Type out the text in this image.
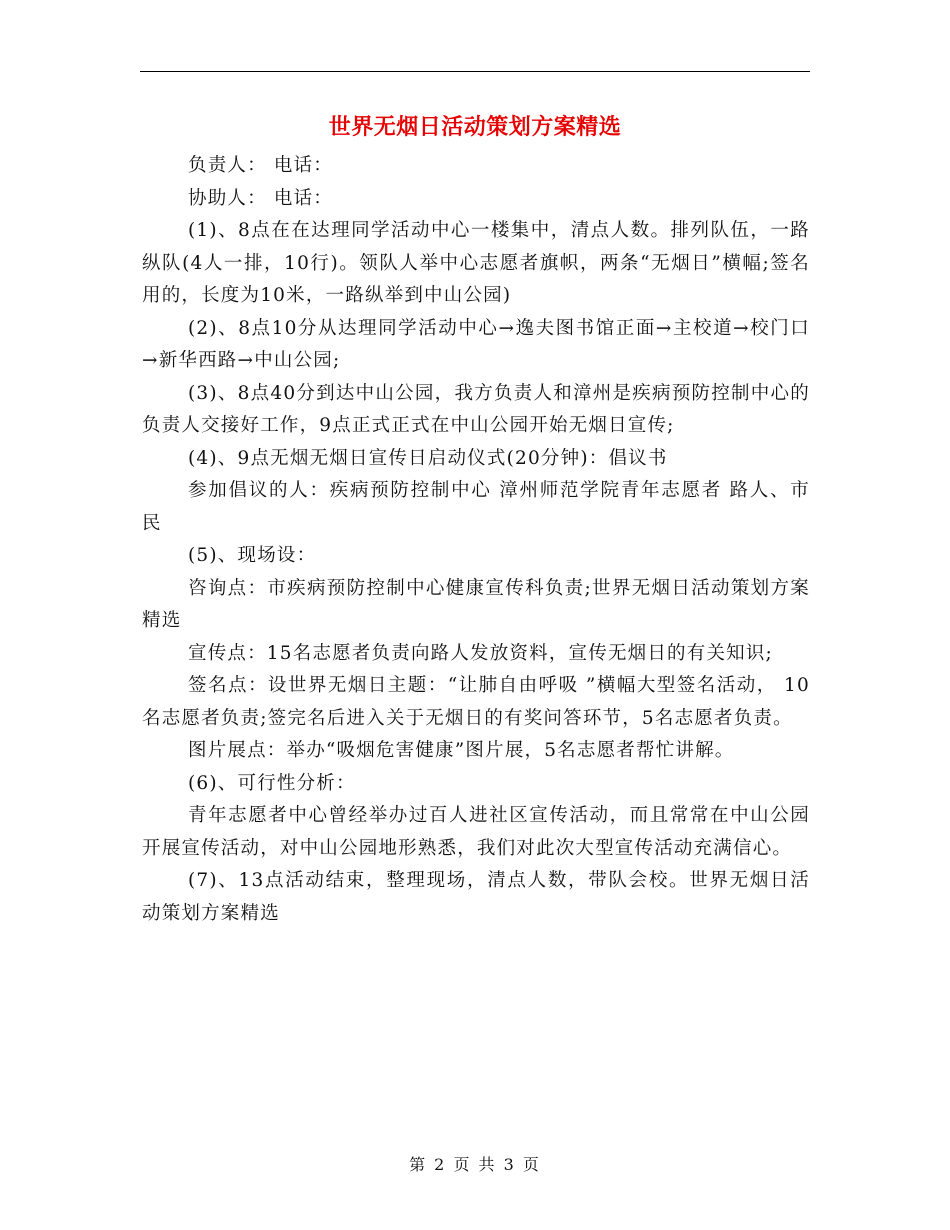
世界无烟日活动策划方案精选

负责人： 电话：

协助人： 电话：

(1)、8点在在达理同学活动中心一楼集中，清点人数。排列队伍，一路纵队(4人一排，10行)。领队人举中心志愿者旗帜，两条“无烟日”横幅;签名用的，长度为10米，一路纵举到中山公园)

(2)、8点10分从达理同学活动中心→逸夫图书馆正面→主校道→校门口→新华西路→中山公园;

(3)、8点40分到达中山公园，我方负责人和漳州是疾病预防控制中心的负责人交接好工作，9点正式正式在中山公园开始无烟日宣传;

(4)、9点无烟无烟日宣传日启动仪式(20分钟)：倡议书

参加倡议的人：疾病预防控制中心 漳州师范学院青年志愿者 路人、市民

(5)、现场设：

咨询点：市疾病预防控制中心健康宣传科负责;世界无烟日活动策划方案精选

宣传点：15名志愿者负责向路人发放资料，宣传无烟日的有关知识;

签名点：设世界无烟日主题：“让肺自由呼吸 ”横幅大型签名活动， 10名志愿者负责;签完名后进入关于无烟日的有奖问答环节，5名志愿者负责。

图片展点：举办“吸烟危害健康”图片展，5名志愿者帮忙讲解。

(6)、可行性分析：

青年志愿者中心曾经举办过百人进社区宣传活动，而且常常在中山公园开展宣传活动，对中山公园地形熟悉，我们对此次大型宣传活动充满信心。

(7)、13点活动结束，整理现场，清点人数，带队会校。世界无烟日活动策划方案精选

第 2 页 共 3 页
